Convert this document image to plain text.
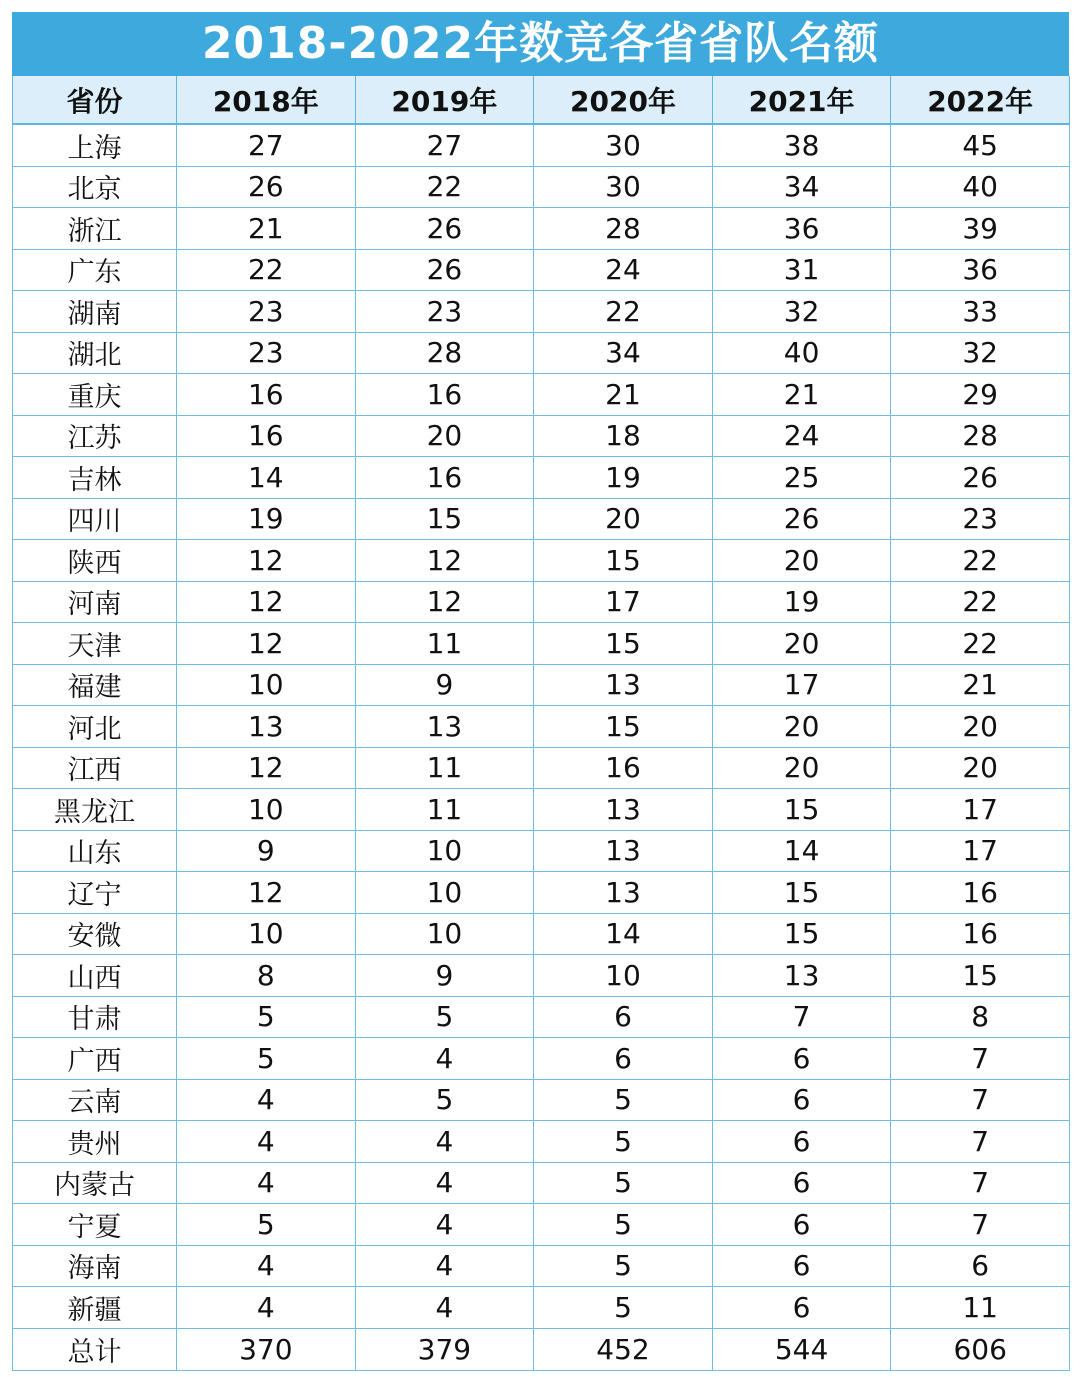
2018-2022年数竞各省省队名额
省份	2018年	2019年	2020年	2021年	2022年
上海	27	27	30	38	45
北京	26	22	30	34	40
浙江	21	26	28	36	39
广东	22	26	24	31	36
湖南	23	23	22	32	33
湖北	23	28	34	40	32
重庆	16	16	21	21	29
江苏	16	20	18	24	28
吉林	14	16	19	25	26
四川	19	15	20	26	23
陕西	12	12	15	20	22
河南	12	12	17	19	22
天津	12	11	15	20	22
福建	10	9	13	17	21
河北	13	13	15	20	20
江西	12	11	16	20	20
黑龙江	10	11	13	15	17
山东	9	10	13	14	17
辽宁	12	10	13	15	16
安微	10	10	14	15	16
山西	8	9	10	13	15
甘肃	5	5	6	7	8
广西	5	4	6	6	7
云南	4	5	5	6	7
贵州	4	4	5	6	7
内蒙古	4	4	5	6	7
宁夏	5	4	5	6	7
海南	4	4	5	6	6
新疆	4	4	5	6	11
总计	370	379	452	544	606
